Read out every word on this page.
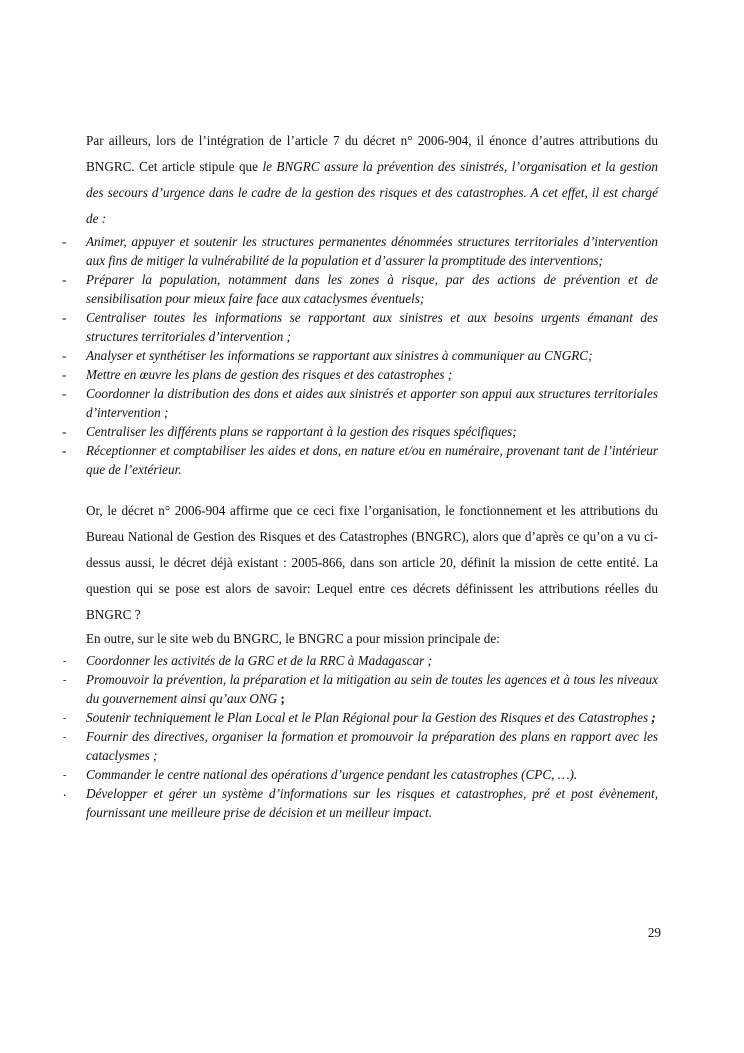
Par ailleurs, lors de l’intégration de l’article 7 du décret n° 2006-904, il énonce d’autres attributions du BNGRC. Cet article stipule que le BNGRC assure la prévention des sinistrés, l’organisation et la gestion des secours d’urgence dans le cadre de la gestion des risques et des catastrophes. A cet effet, il est chargé de :

- Animer, appuyer et soutenir les structures permanentes dénommées structures territoriales d’intervention aux fins de mitiger la vulnérabilité de la population et d’assurer la promptitude des interventions;
- Préparer la population, notamment dans les zones à risque, par des actions de prévention et de sensibilisation pour mieux faire face aux cataclysmes éventuels;
- Centraliser toutes les informations se rapportant aux sinistres et aux besoins urgents émanant des structures territoriales d’intervention ;
- Analyser et synthétiser les informations se rapportant aux sinistres à communiquer au CNGRC;
- Mettre en œuvre les plans de gestion des risques et des catastrophes ;
- Coordonner la distribution des dons et aides aux sinistrés et apporter son appui aux structures territoriales d’intervention ;
- Centraliser les différents plans se rapportant à la gestion des risques spécifiques;
- Réceptionner et comptabiliser les aides et dons, en nature et/ou en numéraire, provenant tant de l’intérieur que de l’extérieur.

Or, le décret n° 2006-904 affirme que ce ceci fixe l’organisation, le fonctionnement et les attributions du Bureau National de Gestion des Risques et des Catastrophes (BNGRC), alors que d’après ce qu’on a vu ci-dessus aussi, le décret déjà existant : 2005-866, dans son article 20, définit la mission de cette entité. La question qui se pose est alors de savoir: Lequel entre ces décrets définissent les attributions réelles du BNGRC ?

En outre, sur le site web du BNGRC, le BNGRC a pour mission principale de:

- Coordonner les activités de la GRC et de la RRC à Madagascar ;
- Promouvoir la prévention, la préparation et la mitigation au sein de toutes les agences et à tous les niveaux du gouvernement ainsi qu’aux ONG ;
- Soutenir techniquement le Plan Local et le Plan Régional pour la Gestion des Risques et des Catastrophes ;
- Fournir des directives, organiser la formation et promouvoir la préparation des plans en rapport avec les cataclysmes ;
- Commander le centre national des opérations d’urgence pendant les catastrophes (CPC, …).
. Développer et gérer un système d’informations sur les risques et catastrophes, pré et post évènement, fournissant une meilleure prise de décision et un meilleur impact.
29
